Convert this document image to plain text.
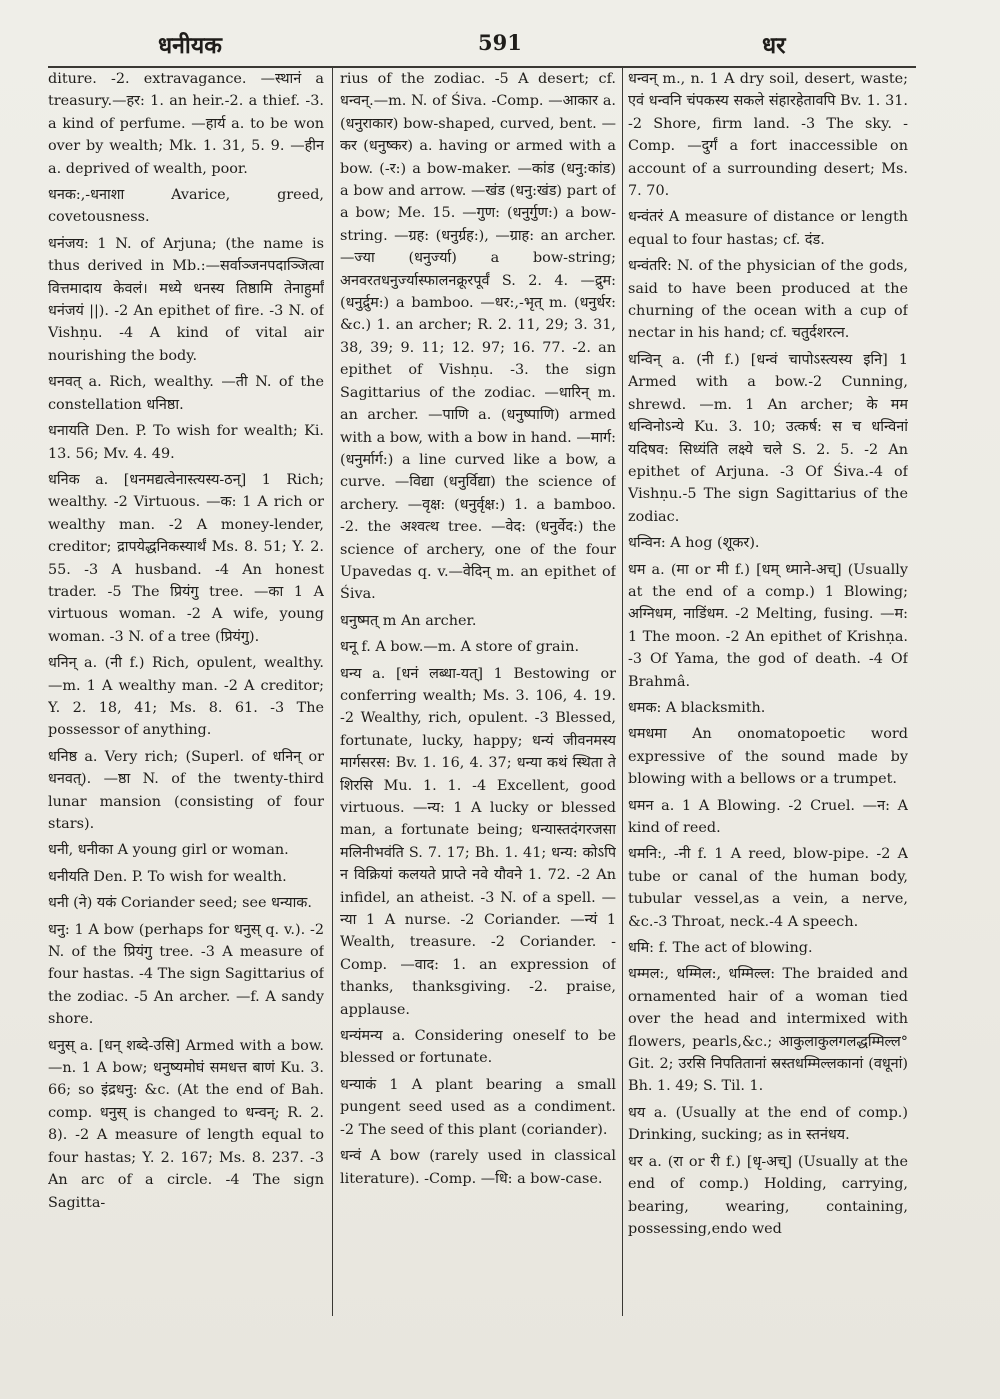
धनीयक	591	धर

diture. -2. extravagance. —स्थानं a treasury.—हर: 1. an heir.-2. a thief. -3. a kind of perfume. —हार्य a. to be won over by wealth; Mk. 1. 31, 5. 9. —हीन a. deprived of wealth, poor.

धनक:,-धनाशा Avarice, greed, covetousness.

धनंजय: 1 N. of Arjuna; (the name is thus derived in Mb.:—सर्वाञ्जनपदाञ्जित्वा वित्तमादाय केवलं। मध्ये धनस्य तिष्ठामि तेनाहुर्मां धनंजयं ||). -2 An epithet of fire. -3 N. of Vishṇu. -4 A kind of vital air nourishing the body.

धनवत् a. Rich, wealthy. —ती N. of the constellation धनिष्ठा.

धनायति Den. P. To wish for wealth; Ki. 13. 56; Mv. 4. 49.

धनिक a. [धनमद्यत्वेनास्त्यस्य-ठन्] 1 Rich; wealthy. -2 Virtuous. —क: 1 A rich or wealthy man. -2 A money-lender, creditor; द्रापयेद्धनिकस्यार्थं Ms. 8. 51; Y. 2. 55. -3 A husband. -4 An honest trader. -5 The प्रियंगु tree. —का 1 A virtuous woman. -2 A wife, young woman. -3 N. of a tree (प्रियंगु).

धनिन् a. (नी f.) Rich, opulent, wealthy. —m. 1 A wealthy man. -2 A creditor; Y. 2. 18, 41; Ms. 8. 61. -3 The possessor of anything.

धनिष्ठ a. Very rich; (Superl. of धनिन् or धनवत्). —ष्ठा N. of the twenty-third lunar mansion (consisting of four stars).

धनी, धनीका A young girl or woman.

धनीयति Den. P. To wish for wealth.

धनी (ने) यकं Coriander seed; see धन्याक.

धनु: 1 A bow (perhaps for धनुस् q. v.). -2 N. of the प्रियंगु tree. -3 A measure of four hastas. -4 The sign Sagittarius of the zodiac. -5 An archer. —f. A sandy shore.

धनुस् a. [धन् शब्दे-उसि] Armed with a bow. —n. 1 A bow; धनुष्यमोघं समधत्त बाणं Ku. 3. 66; so इंद्रधनु: &c. (At the end of Bah. comp. धनुस् is changed to धन्वन्; R. 2. 8). -2 A measure of length equal to four hastas; Y. 2. 167; Ms. 8. 237. -3 An arc of a circle. -4 The sign Sagitta-

rius of the zodiac. -5 A desert; cf. धन्वन्.—m. N. of Śiva. -Comp. —आकार a. (धनुराकार) bow-shaped, curved, bent. —कर (धनुष्कर) a. having or armed with a bow. (-र:) a bow-maker. —कांड (धनु:कांड) a bow and arrow. —खंड (धनु:खंड) part of a bow; Me. 15. —गुण: (धनुर्गुण:) a bow-string. —ग्रह: (धनुर्ग्रह:), —ग्राह: an archer. —ज्या (धनुर्ज्या) a bow-string; अनवरतधनुर्ज्यास्फालनक्रूरपूर्वं S. 2. 4. —द्रुम: (धनुर्द्रुम:) a bamboo. —धर:,-भृत् m. (धनुर्धर: &c.) 1. an archer; R. 2. 11, 29; 3. 31, 38, 39; 9. 11; 12. 97; 16. 77. -2. an epithet of Vishṇu. -3. the sign Sagittarius of the zodiac. —धारिन् m. an archer. —पाणि a. (धनुष्पाणि) armed with a bow, with a bow in hand. —मार्ग: (धनुर्मार्ग:) a line curved like a bow, a curve. —विद्या (धनुर्विद्या) the science of archery. —वृक्ष: (धनुर्वृक्ष:) 1. a bamboo. -2. the अश्वत्थ tree. —वेद: (धनुर्वेद:) the science of archery, one of the four Upavedas q. v.—वेदिन् m. an epithet of Śiva.

धनुष्मत् m An archer.

धनू f. A bow.—m. A store of grain.

धन्य a. [धनं लब्धा-यत्] 1 Bestowing or conferring wealth; Ms. 3. 106, 4. 19. -2 Wealthy, rich, opulent. -3 Blessed, fortunate, lucky, happy; धन्यं जीवनमस्य मार्गसरस: Bv. 1. 16, 4. 37; धन्या कथं स्थिता ते शिरसि Mu. 1. 1. -4 Excellent, good virtuous. —न्य: 1 A lucky or blessed man, a fortunate being; धन्यास्तदंगरजसा मलिनीभवंति S. 7. 17; Bh. 1. 41; धन्य: कोऽपि न विक्रियां कलयते प्राप्ते नवे यौवने 1. 72. -2 An infidel, an atheist. -3 N. of a spell. —न्या 1 A nurse. -2 Coriander. —न्यं 1 Wealth, treasure. -2 Coriander. -Comp. —वाद: 1. an expression of thanks, thanksgiving. -2. praise, applause.

धन्यंमन्य a. Considering oneself to be blessed or fortunate.

धन्याकं 1 A plant bearing a small pungent seed used as a condiment. -2 The seed of this plant (coriander).

धन्वं A bow (rarely used in classical literature). -Comp. —धि: a bow-case.

धन्वन् m., n. 1 A dry soil, desert, waste; एवं धन्वनि चंपकस्य सकले संहारहेतावपि Bv. 1. 31. -2 Shore, firm land. -3 The sky. -Comp. —दुर्गं a fort inaccessible on account of a surrounding desert; Ms. 7. 70.

धन्वंतरं A measure of distance or length equal to four hastas; cf. दंड.

धन्वंतरि: N. of the physician of the gods, said to have been produced at the churning of the ocean with a cup of nectar in his hand; cf. चतुर्दशरत्न.

धन्विन् a. (नी f.) [धन्वं चापोऽस्त्यस्य इनि] 1 Armed with a bow.-2 Cunning, shrewd. —m. 1 An archer; के मम धन्विनोऽन्ये Ku. 3. 10; उत्कर्ष: स च धन्विनां यदिषव: सिध्यंति लक्ष्ये चले S. 2. 5. -2 An epithet of Arjuna. -3 Of Śiva.-4 of Vishṇu.-5 The sign Sagittarius of the zodiac.

धन्विन: A hog (शूकर).

धम a. (मा or मी f.) [धम् ध्माने-अच्] (Usually at the end of a comp.) 1 Blowing; अग्निधम, नाडिंधम. -2 Melting, fusing. —म: 1 The moon. -2 An epithet of Krishṇa. -3 Of Yama, the god of death. -4 Of Brahmâ.

धमक: A blacksmith.

धमधमा An onomatopoetic word expressive of the sound made by blowing with a bellows or a trumpet.

धमन a. 1 A Blowing. -2 Cruel. —न: A kind of reed.

धमनि:, -नी f. 1 A reed, blow-pipe. -2 A tube or canal of the human body, tubular vessel,as a vein, a nerve, &c.-3 Throat, neck.-4 A speech.

धमि: f. The act of blowing.

धम्मल:, धम्मिल:, धम्मिल्ल: The braided and ornamented hair of a woman tied over the head and intermixed with flowers, pearls,&c.; आकुलाकुलगलद्धम्मिल्ल° Git. 2; उरसि निपतितानां स्रस्तधम्मिल्लकानां (वधूनां) Bh. 1. 49; S. Til. 1.

धय a. (Usually at the end of comp.) Drinking, sucking; as in स्तनंधय.

धर a. (रा or री f.) [धृ-अच्] (Usually at the end of comp.) Holding, carrying, bearing, wearing, containing, possessing,endo wed
